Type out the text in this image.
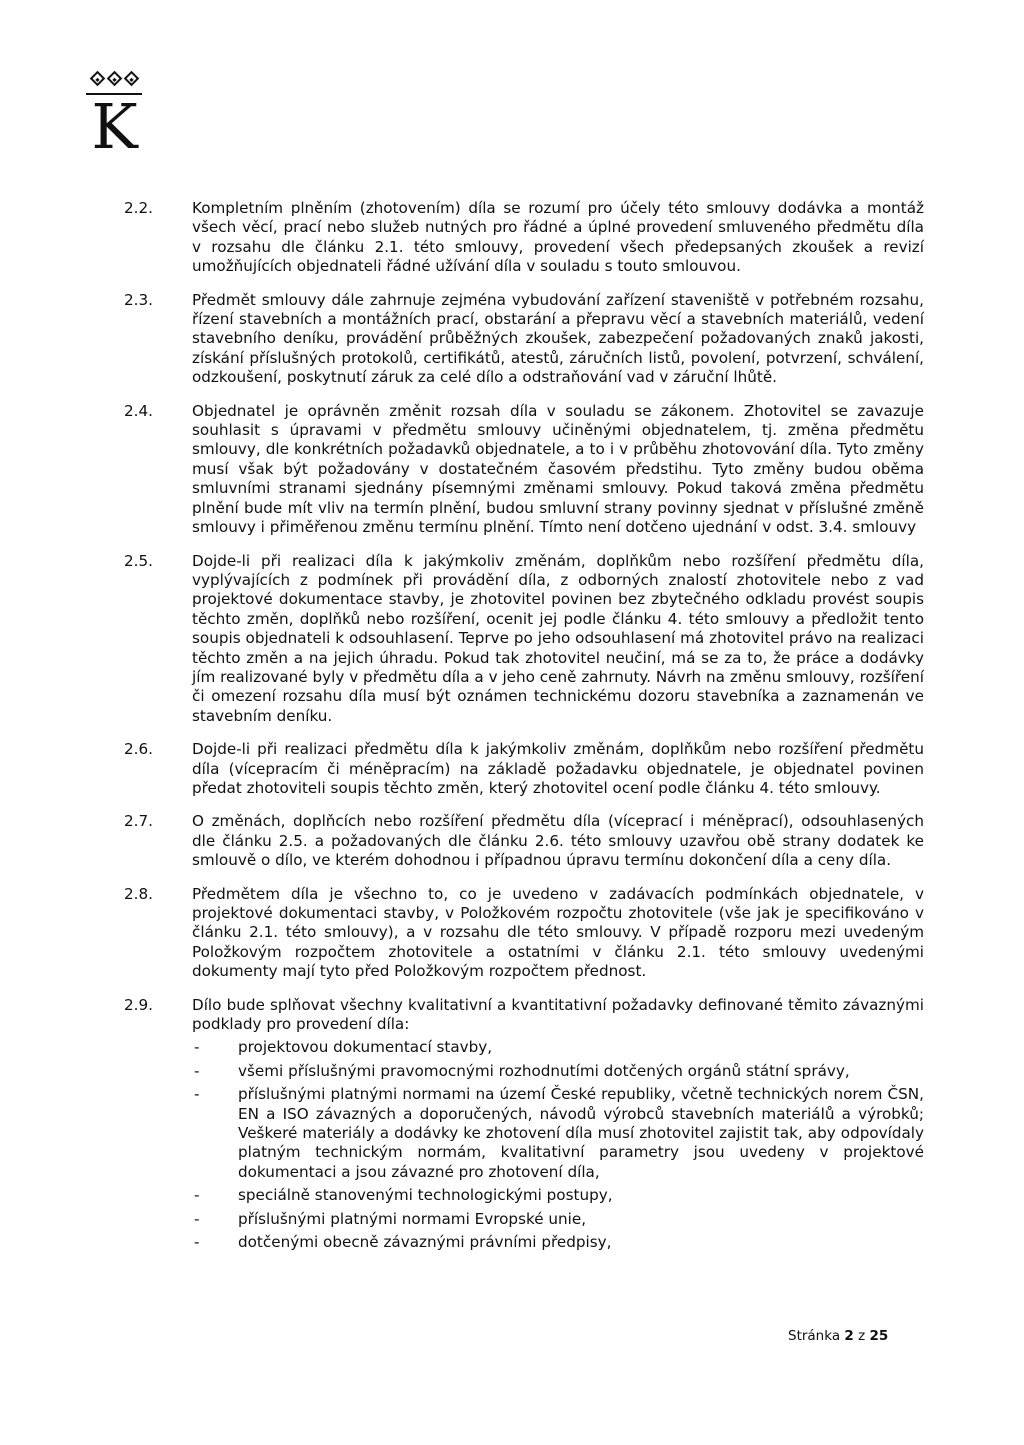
K
2.2.	Kompletním plněním (zhotovením) díla se rozumí pro účely této smlouvy dodávka a montáž všech věcí, prací nebo služeb nutných pro řádné a úplné provedení smluveného předmětu díla v rozsahu dle článku 2.1. této smlouvy, provedení všech předepsaných zkoušek a revizí umožňujících objednateli řádné užívání díla v souladu s touto smlouvou.
2.3.	Předmět smlouvy dále zahrnuje zejména vybudování zařízení staveniště v potřebném rozsahu, řízení stavebních a montážních prací, obstarání a přepravu věcí a stavebních materiálů, vedení stavebního deníku, provádění průběžných zkoušek, zabezpečení požadovaných znaků jakosti, získání příslušných protokolů, certifikátů, atestů, záručních listů, povolení, potvrzení, schválení, odzkoušení, poskytnutí záruk za celé dílo a odstraňování vad v záruční lhůtě.
2.4.	Objednatel je oprávněn změnit rozsah díla v souladu se zákonem. Zhotovitel se zavazuje souhlasit s úpravami v předmětu smlouvy učiněnými objednatelem, tj. změna předmětu smlouvy, dle konkrétních požadavků objednatele, a to i v průběhu zhotovování díla. Tyto změny musí však být požadovány v dostatečném časovém předstihu. Tyto změny budou oběma smluvními stranami sjednány písemnými změnami smlouvy. Pokud taková změna předmětu plnění bude mít vliv na termín plnění, budou smluvní strany povinny sjednat v příslušné změně smlouvy i přiměřenou změnu termínu plnění. Tímto není dotčeno ujednání v odst. 3.4. smlouvy
2.5.	Dojde-li při realizaci díla k jakýmkoliv změnám, doplňkům nebo rozšíření předmětu díla, vyplývajících z podmínek při provádění díla, z odborných znalostí zhotovitele nebo z vad projektové dokumentace stavby, je zhotovitel povinen bez zbytečného odkladu provést soupis těchto změn, doplňků nebo rozšíření, ocenit jej podle článku 4. této smlouvy a předložit tento soupis objednateli k odsouhlasení. Teprve po jeho odsouhlasení má zhotovitel právo na realizaci těchto změn a na jejich úhradu. Pokud tak zhotovitel neučiní, má se za to, že práce a dodávky jím realizované byly v předmětu díla a v jeho ceně zahrnuty. Návrh na změnu smlouvy, rozšíření či omezení rozsahu díla musí být oznámen technickému dozoru stavebníka a zaznamenán ve stavebním deníku.
2.6.	Dojde-li při realizaci předmětu díla k jakýmkoliv změnám, doplňkům nebo rozšíření předmětu díla (vícepracím či méněpracím) na základě požadavku objednatele, je objednatel povinen předat zhotoviteli soupis těchto změn, který zhotovitel ocení podle článku 4. této smlouvy.
2.7.	O změnách, doplňcích nebo rozšíření předmětu díla (víceprací i méněprací), odsouhlasených dle článku 2.5. a požadovaných dle článku 2.6. této smlouvy uzavřou obě strany dodatek ke smlouvě o dílo, ve kterém dohodnou i případnou úpravu termínu dokončení díla a ceny díla.
2.8.	Předmětem díla je všechno to, co je uvedeno v zadávacích podmínkách objednatele, v projektové dokumentaci stavby, v Položkovém rozpočtu zhotovitele (vše jak je specifikováno v článku 2.1. této smlouvy), a v rozsahu dle této smlouvy. V případě rozporu mezi uvedeným Položkovým rozpočtem zhotovitele a ostatními v článku 2.1. této smlouvy uvedenými dokumenty mají tyto před Položkovým rozpočtem přednost.
2.9.	Dílo bude splňovat všechny kvalitativní a kvantitativní požadavky definované těmito závaznými podklady pro provedení díla:
-	projektovou dokumentací stavby,
-	všemi příslušnými pravomocnými rozhodnutími dotčených orgánů státní správy,
-	příslušnými platnými normami na území České republiky, včetně technických norem ČSN, EN a ISO závazných a doporučených, návodů výrobců stavebních materiálů a výrobků; Veškeré materiály a dodávky ke zhotovení díla musí zhotovitel zajistit tak, aby odpovídaly platným technickým normám, kvalitativní parametry jsou uvedeny v projektové dokumentaci a jsou závazné pro zhotovení díla,
-	speciálně stanovenými technologickými postupy,
-	příslušnými platnými normami Evropské unie,
-	dotčenými obecně závaznými právními předpisy,
Stránka 2 z 25
